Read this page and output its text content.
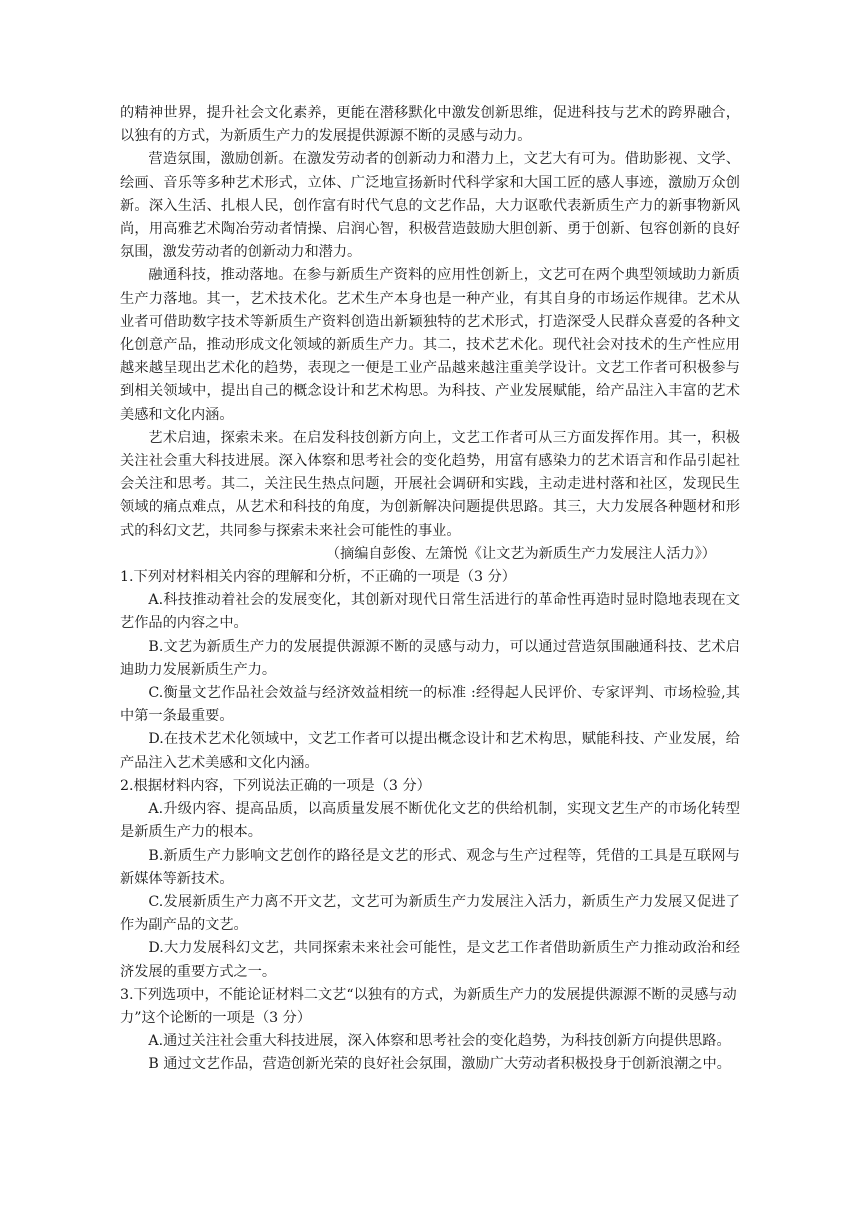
的精神世界，提升社会文化素养，更能在潜移默化中激发创新思维，促进科技与艺术的跨界融合，以独有的方式，为新质生产力的发展提供源源不断的灵感与动力。

营造氛围，激励创新。在激发劳动者的创新动力和潜力上，文艺大有可为。借助影视、文学、绘画、音乐等多种艺术形式，立体、广泛地宣扬新时代科学家和大国工匠的感人事迹，激励万众创新。深入生活、扎根人民，创作富有时代气息的文艺作品，大力讴歌代表新质生产力的新事物新风尚，用高雅艺术陶冶劳动者情操、启润心智，积极营造鼓励大胆创新、勇于创新、包容创新的良好氛围，激发劳动者的创新动力和潜力。

融通科技，推动落地。在参与新质生产资料的应用性创新上，文艺可在两个典型领域助力新质生产力落地。其一，艺术技术化。艺术生产本身也是一种产业，有其自身的市场运作规律。艺术从业者可借助数字技术等新质生产资料创造出新颖独特的艺术形式，打造深受人民群众喜爱的各种文化创意产品，推动形成文化领域的新质生产力。其二，技术艺术化。现代社会对技术的生产性应用越来越呈现出艺术化的趋势，表现之一便是工业产品越来越注重美学设计。文艺工作者可积极参与到相关领域中，提出自己的概念设计和艺术构思。为科技、产业发展赋能，给产品注入丰富的艺术美感和文化内涵。

艺术启迪，探索未来。在启发科技创新方向上，文艺工作者可从三方面发挥作用。其一，积极关注社会重大科技进展。深入体察和思考社会的变化趋势，用富有感染力的艺术语言和作品引起社会关注和思考。其二，关注民生热点问题，开展社会调研和实践，主动走进村落和社区，发现民生领域的痛点难点，从艺术和科技的角度，为创新解决问题提供思路。其三，大力发展各种题材和形式的科幻文艺，共同参与探索未来社会可能性的事业。

（摘编自彭俊、左箫悦《让文艺为新质生产力发展注人活力》）

1.下列对材料相关内容的理解和分析，不正确的一项是（3 分）

A.科技推动着社会的发展变化，其创新对现代日常生活进行的革命性再造时显时隐地表现在文艺作品的内容之中。

B.文艺为新质生产力的发展提供源源不断的灵感与动力，可以通过营造氛围融通科技、艺术启迪助力发展新质生产力。

C.衡量文艺作品社会效益与经济效益相统一的标准 :经得起人民评价、专家评判、市场检验,其中第一条最重要。

D.在技术艺术化领域中，文艺工作者可以提出概念设计和艺术构思，赋能科技、产业发展，给产品注入艺术美感和文化内涵。

2.根据材料内容，下列说法正确的一项是（3 分）

A.升级内容、提高品质，以高质量发展不断优化文艺的供给机制，实现文艺生产的市场化转型是新质生产力的根本。

B.新质生产力影响文艺创作的路径是文艺的形式、观念与生产过程等，凭借的工具是互联网与新媒体等新技术。

C.发展新质生产力离不开文艺，文艺可为新质生产力发展注入活力，新质生产力发展又促进了作为副产品的文艺。

D.大力发展科幻文艺，共同探索未来社会可能性，是文艺工作者借助新质生产力推动政治和经济发展的重要方式之一。

3.下列选项中，不能论证材料二文艺“以独有的方式，为新质生产力的发展提供源源不断的灵感与动力”这个论断的一项是（3 分）

A.通过关注社会重大科技进展，深入体察和思考社会的变化趋势，为科技创新方向提供思路。

B 通过文艺作品，营造创新光荣的良好社会氛围，激励广大劳动者积极投身于创新浪潮之中。
